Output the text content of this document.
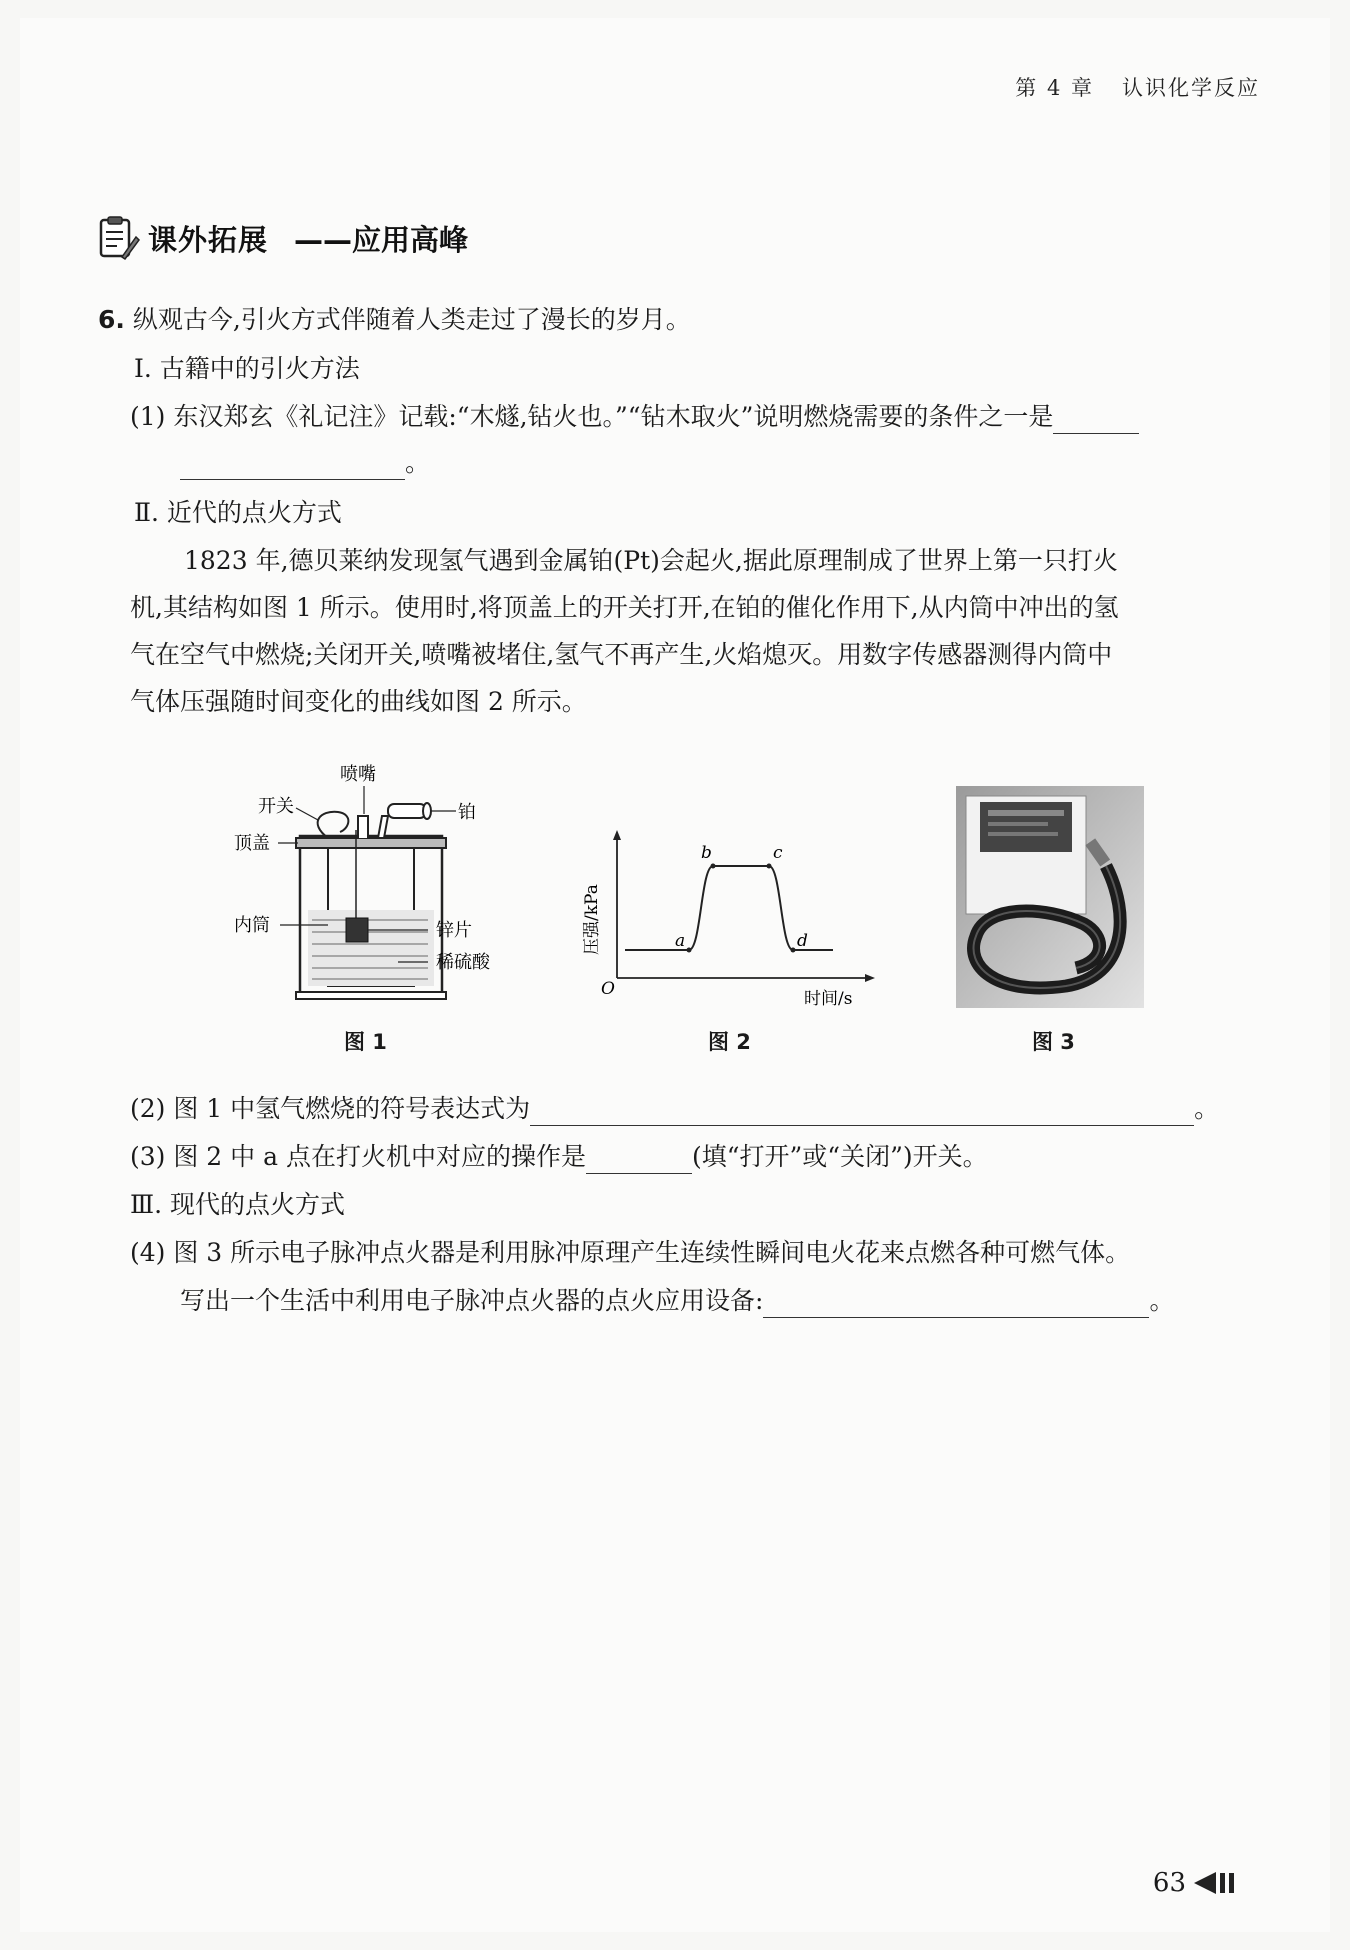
第 4 章 认识化学反应
课外拓展 ——应用高峰
6. 纵观古今,引火方式伴随着人类走过了漫长的岁月。
Ⅰ. 古籍中的引火方法
(1) 东汉郑玄《礼记注》记载:“木燧,钻火也。”“钻木取火”说明燃烧需要的条件之一是
。
Ⅱ. 近代的点火方式
1823 年,德贝莱纳发现氢气遇到金属铂(Pt)会起火,据此原理制成了世界上第一只打火
机,其结构如图 1 所示。使用时,将顶盖上的开关打开,在铂的催化作用下,从内筒中冲出的氢
气在空气中燃烧;关闭开关,喷嘴被堵住,氢气不再产生,火焰熄灭。用数字传感器测得内筒中
气体压强随时间变化的曲线如图 2 所示。
喷嘴
开关	铂
顶盖
内筒	锌片
稀硫酸
图 1
a
b	c
d
O	时间/s
压强/kPa
图 2	图 3
(2) 图 1 中氢气燃烧的符号表达式为	。
(3) 图 2 中 a 点在打火机中对应的操作是	(填“打开”或“关闭”)开关。
Ⅲ. 现代的点火方式
(4) 图 3 所示电子脉冲点火器是利用脉冲原理产生连续性瞬间电火花来点燃各种可燃气体。
写出一个生活中利用电子脉冲点火器的点火应用设备:	。
63
